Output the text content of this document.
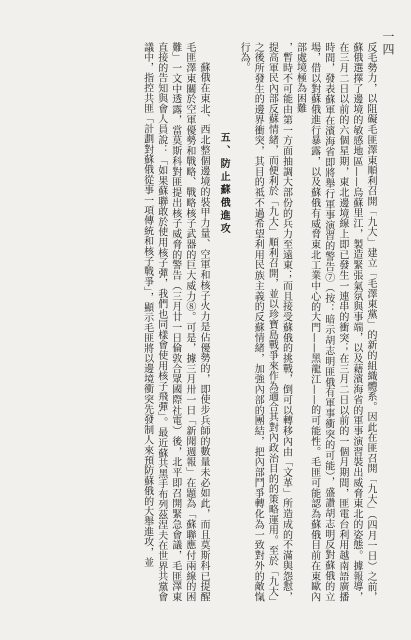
一四

反毛勢力，以阻礙毛匪澤東順利召開「九大」建立「毛澤東黨」的新的組織體系。因此在匪召開「九大」（四月一日）之前，蘇俄選擇了邊境的敏感地區——烏蘇里江，製造緊張氣氛與事端，以及藉濱海省的軍事演習裝出威脅東北的姿態。據報導，在三月二日以前的六個星期，東北邊境線上即已發生一連串的衝突；在三月二日以前的一個月期間，匪電台利用越南語廣播時間，發表蘇軍在濱海省即將舉行軍事演習的警告⑦（按：暗示胡志明匪俄有軍事衝突的可能），盛讚胡志明反對蘇俄的立場，借以對蘇俄進行暴露，以及蘇俄有威脅東北工業中心的大門——黑龍江——的可能性。毛匪可能認為蘇俄目前在東歐內部處境極為困難

，暫時不可能由第一方面抽調大部份的兵力至遠東；而且接受蘇俄的挑戰，倒可以轉移內由「文革」所造成的不滿與怨懟，提高軍民內部反蘇情緒，而便利於「九大」順利召開，並以珍寶島戰爭來作為適合其對內政治目的的策略運用。至於「九大」之後所發生的邊界衝突，其目的祗不過希望利用民族主義的反蘇情緒，加強內部的團結，把內部鬥爭轉化為一致對外的敵愾行為。

五、防止蘇俄進攻

蘇俄在東北、西北整個邊境的裝甲力量、空軍和核子火力是佔優勢的，即使步兵師的數量未必如此，而且莫斯科已提醒毛匪澤東關於空軍優勢和戰略、戰略核子武器的巨大威力⑧。可是，據三月卅一日「新聞週報」在題為「蘇聯應付兩線的困難」一文中透露，當莫斯科對匪提出核子威脅的警告（三月廿一日倫敦合眾國際社電）後，北平即召開緊急會議，毛匪澤東直接的告知與會人員說：「如果蘇聯敢於使用核子彈，我們也同樣會使用核子飛彈」。最近蘇共黑手布列茲涅夫在世界共黨會議中，指控共匪「計劃對蘇俄從事一項傳統和核子戰爭」，顯示毛匪將以邊境衝突先發制人來預防蘇俄的大舉進攻，並
